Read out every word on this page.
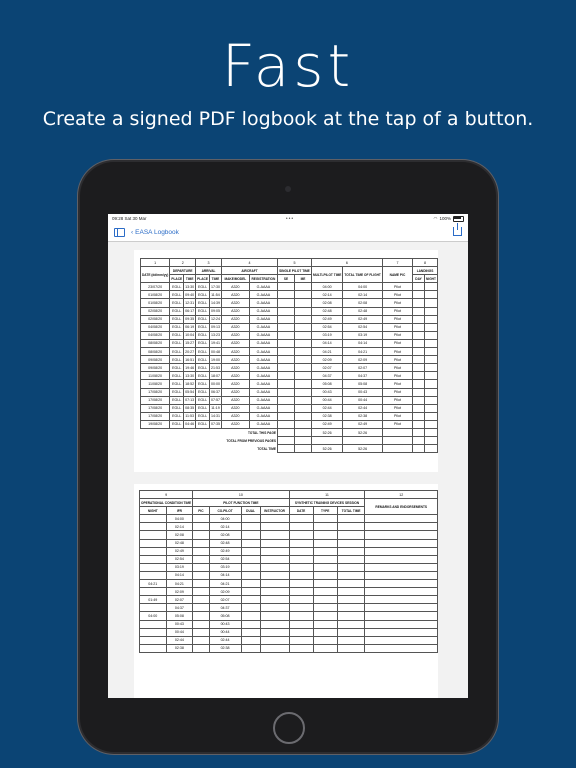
Fast
Create a signed PDF logbook at the tap of a button.
09:28 Sat 30 Mar	•••	◠ 100%
‹ EASA Logbook
1	2		3		4		5		6		7	8	
DATE (dd/mm/yy)	DEPARTURE		ARRIVAL		AIRCRAFT		SINGLE PILOT TIME		MULTI-PILOT TIME	TOTAL TIME OF FLIGHT	NAME PIC	LANDINGS	
	PLACE	TIME	PLACE	TIME	MAKE/MODEL	REGISTRATION	SE	ME				DAY	NIGHT
23/07/20	EGLL	13:30	EGLL	17:30	A320	G-AAAA			04:00	04:00	Pilot		
01/08/20	EGLL	09:40	EGLL	11:54	A320	G-AAAA			02:14	02:14	Pilot		
01/08/20	EGLL	12:31	EGLL	14:39	A320	G-AAAA			02:08	02:08	Pilot		
02/08/20	EGLL	06:17	EGLL	09:05	A320	G-AAAA			02:48	02:48	Pilot		
02/08/20	EGLL	09:35	EGLL	12:24	A320	G-AAAA			02:49	02:49	Pilot		
04/08/20	EGLL	06:19	EGLL	09:13	A320	G-AAAA			02:54	02:54	Pilot		
04/08/20	EGLL	10:04	EGLL	13:23	A320	G-AAAA			03:19	03:19	Pilot		
08/08/20	EGLL	15:27	EGLL	19:41	A320	G-AAAA			04:14	04:14	Pilot		
08/08/20	EGLL	20:27	EGLL	00:48	A320	G-AAAA			04:21	04:21	Pilot		
09/08/20	EGLL	16:51	EGLL	19:00	A320	G-AAAA			02:09	02:09	Pilot		
09/08/20	EGLL	19:46	EGLL	21:53	A320	G-AAAA			02:07	02:07	Pilot		
11/08/20	EGLL	13:30	EGLL	18:07	A320	G-AAAA			04:37	04:37	Pilot		
11/08/20	EGLL	18:52	EGLL	00:00	A320	G-AAAA			05:08	05:08	Pilot		
17/08/20	EGLL	05:54	EGLL	06:37	A320	G-AAAA			00:43	00:43	Pilot		
17/08/20	EGLL	07:13	EGLL	07:57	A320	G-AAAA			00:44	00:44	Pilot		
17/08/20	EGLL	08:35	EGLL	11:19	A320	G-AAAA			02:44	02:44	Pilot		
17/08/20	EGLL	11:53	EGLL	14:31	A320	G-AAAA			02:38	02:38	Pilot		
19/08/20	EGLL	04:46	EGLL	07:35	A320	G-AAAA			02:49	02:49	Pilot		
TOTAL THIS PAGE									52:26	52:26			
TOTAL FROM PREVIOUS PAGES													
TOTAL TIME									52:26	52:26			
9		10				11			12
OPERATIONAL CONDITION TIME		PILOT FUNCTION TIME				SYNTHETIC TRAINING DEVICES SESSION			REMARKS AND ENDORSEMENTS
NIGHT	IFR	PIC	CO-PILOT	DUAL	INSTRUCTOR	DATE	TYPE	TOTAL TIME	
	04:00		04:00						
	02:14		02:14						
	02:08		02:08						
	02:48		02:48						
	02:49		02:49						
	02:54		02:54						
	03:19		03:19						
	04:14		04:14						
04:21	04:21		04:21						
	02:09		02:09						
01:49	02:07		02:07						
	04:37		04:37						
04:00	05:08		05:08						
	00:43		00:43						
	00:44		00:44						
	02:44		02:44						
	02:38		02:38						
